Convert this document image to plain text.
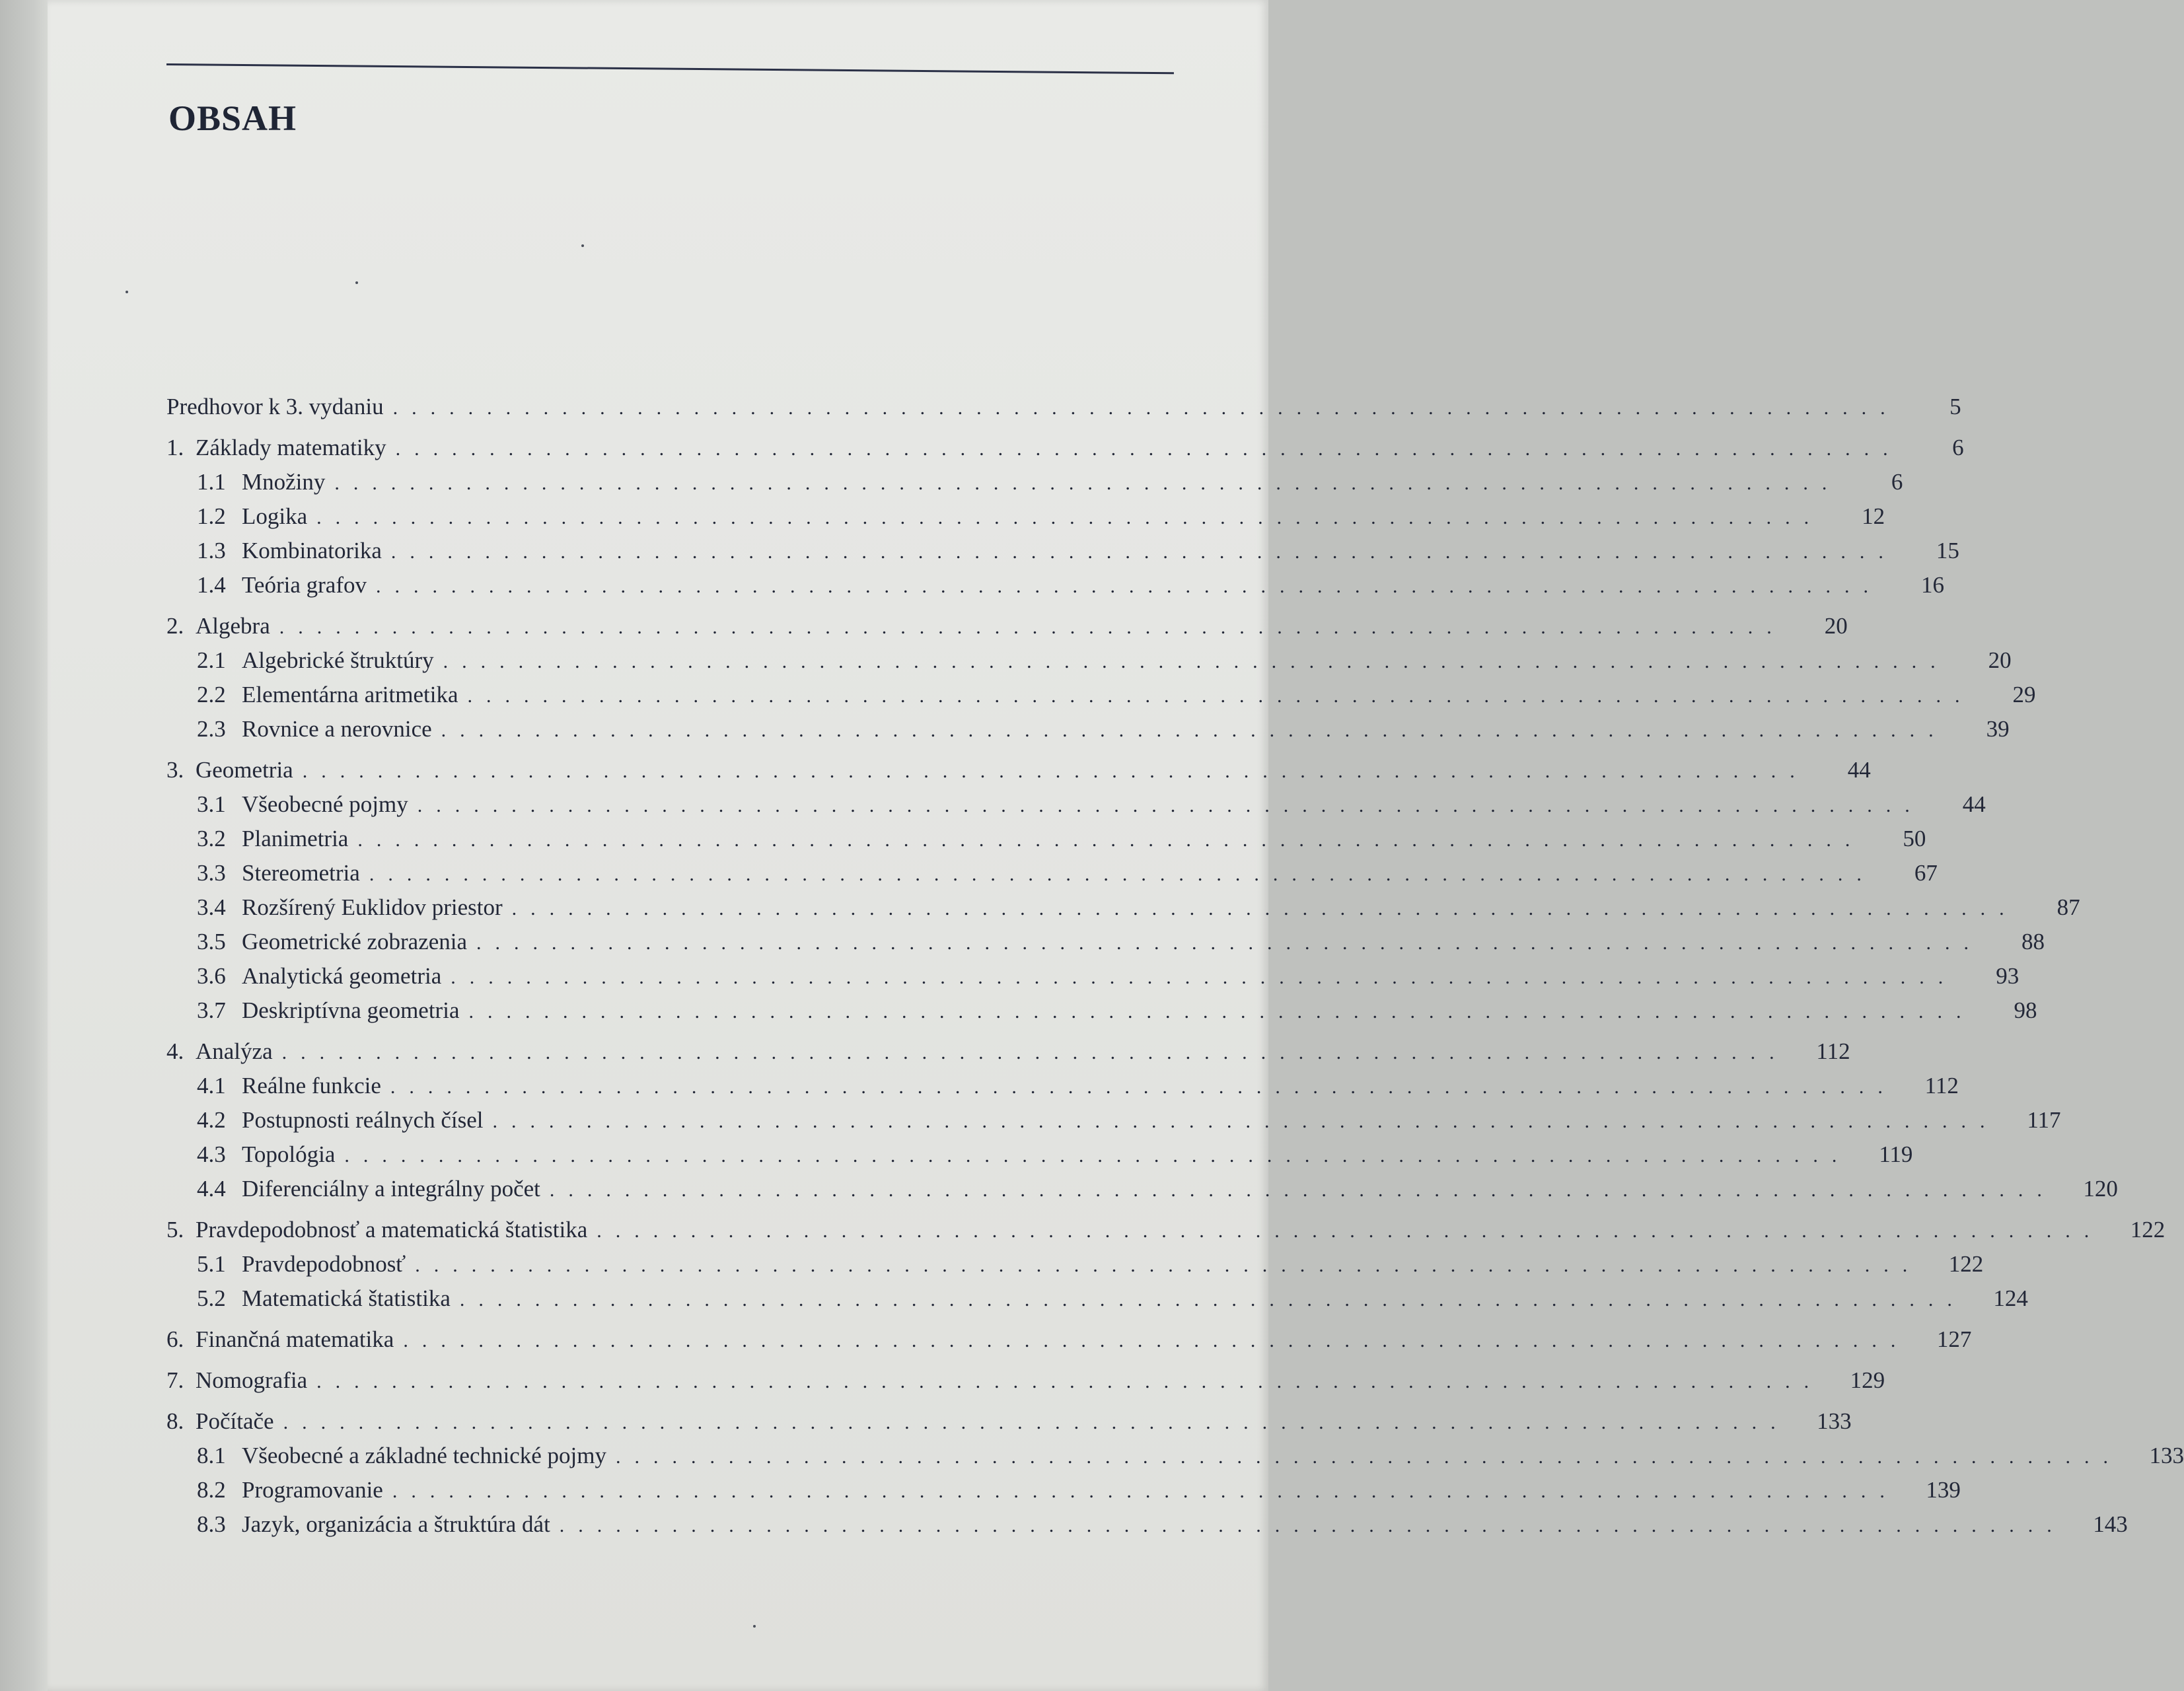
OBSAH
Predhovor k 3. vydaniu ................................................................................	5
1. Základy matematiky ................................................................................	6
1.1 Množiny ................................................................................	6
1.2 Logika ................................................................................	12
1.3 Kombinatorika ................................................................................	15
1.4 Teória grafov ................................................................................	16
2. Algebra ................................................................................	20
2.1 Algebrické štruktúry ................................................................................	20
2.2 Elementárna aritmetika ................................................................................	29
2.3 Rovnice a nerovnice ................................................................................	39
3. Geometria ................................................................................	44
3.1 Všeobecné pojmy ................................................................................	44
3.2 Planimetria ................................................................................	50
3.3 Stereometria ................................................................................	67
3.4 Rozšírený Euklidov priestor ................................................................................	87
3.5 Geometrické zobrazenia ................................................................................	88
3.6 Analytická geometria ................................................................................	93
3.7 Deskriptívna geometria ................................................................................	98
4. Analýza ................................................................................	112
4.1 Reálne funkcie ................................................................................	112
4.2 Postupnosti reálnych čísel ................................................................................	117
4.3 Topológia ................................................................................	119
4.4 Diferenciálny a integrálny počet ................................................................................	120
5. Pravdepodobnosť a matematická štatistika ................................................................................	122
5.1 Pravdepodobnosť ................................................................................	122
5.2 Matematická štatistika ................................................................................	124
6. Finančná matematika ................................................................................	127
7. Nomografia ................................................................................	129
8. Počítače ................................................................................	133
8.1 Všeobecné a základné technické pojmy ................................................................................	133
8.2 Programovanie ................................................................................	139
8.3 Jazyk, organizácia a štruktúra dát ................................................................................	143
